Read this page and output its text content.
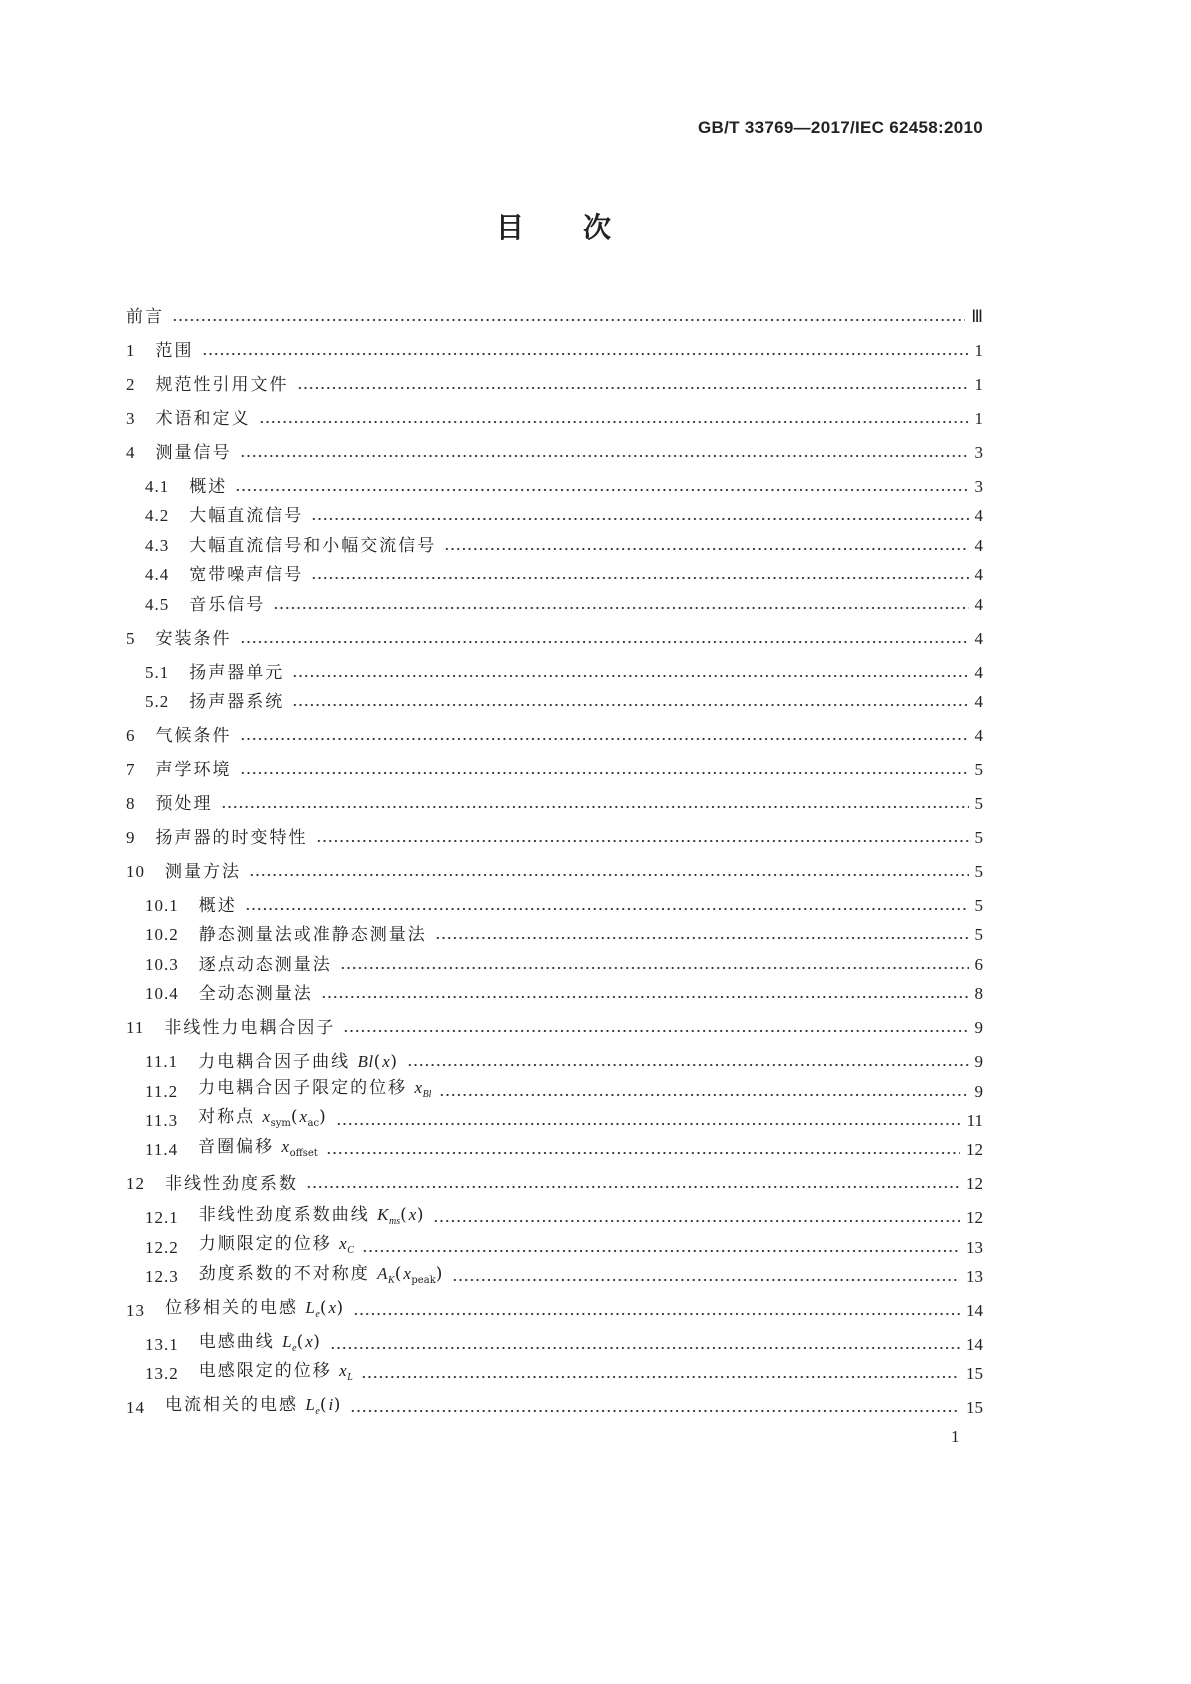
GB/T 33769—2017/IEC 62458:2010
目次
前言	Ⅲ
1 范围	1
2 规范性引用文件	1
3 术语和定义	1
4 测量信号	3
4.1 概述	3
4.2 大幅直流信号	4
4.3 大幅直流信号和小幅交流信号	4
4.4 宽带噪声信号	4
4.5 音乐信号	4
5 安装条件	4
5.1 扬声器单元	4
5.2 扬声器系统	4
6 气候条件	4
7 声学环境	5
8 预处理	5
9 扬声器的时变特性	5
10 测量方法	5
10.1 概述	5
10.2 静态测量法或准静态测量法	5
10.3 逐点动态测量法	6
10.4 全动态测量法	8
11 非线性力电耦合因子	9
11.1 力电耦合因子曲线 Bl(x)	9
11.2 力电耦合因子限定的位移 $x_{Bl}$	9
11.3 对称点 $x_{sym}(x_{ac})$	11
11.4 音圈偏移 $x_{offset}$	12
12 非线性劲度系数	12
12.1 非线性劲度系数曲线 $K_{ms}(x)$	12
12.2 力顺限定的位移 $x_C$	13
12.3 劲度系数的不对称度 $A_K(x_{peak})$	13
13 位移相关的电感 $L_e(x)$	14
13.1 电感曲线 $L_e(x)$	14
13.2 电感限定的位移 $x_L$	15
14 电流相关的电感 $L_e(i)$	15
1
